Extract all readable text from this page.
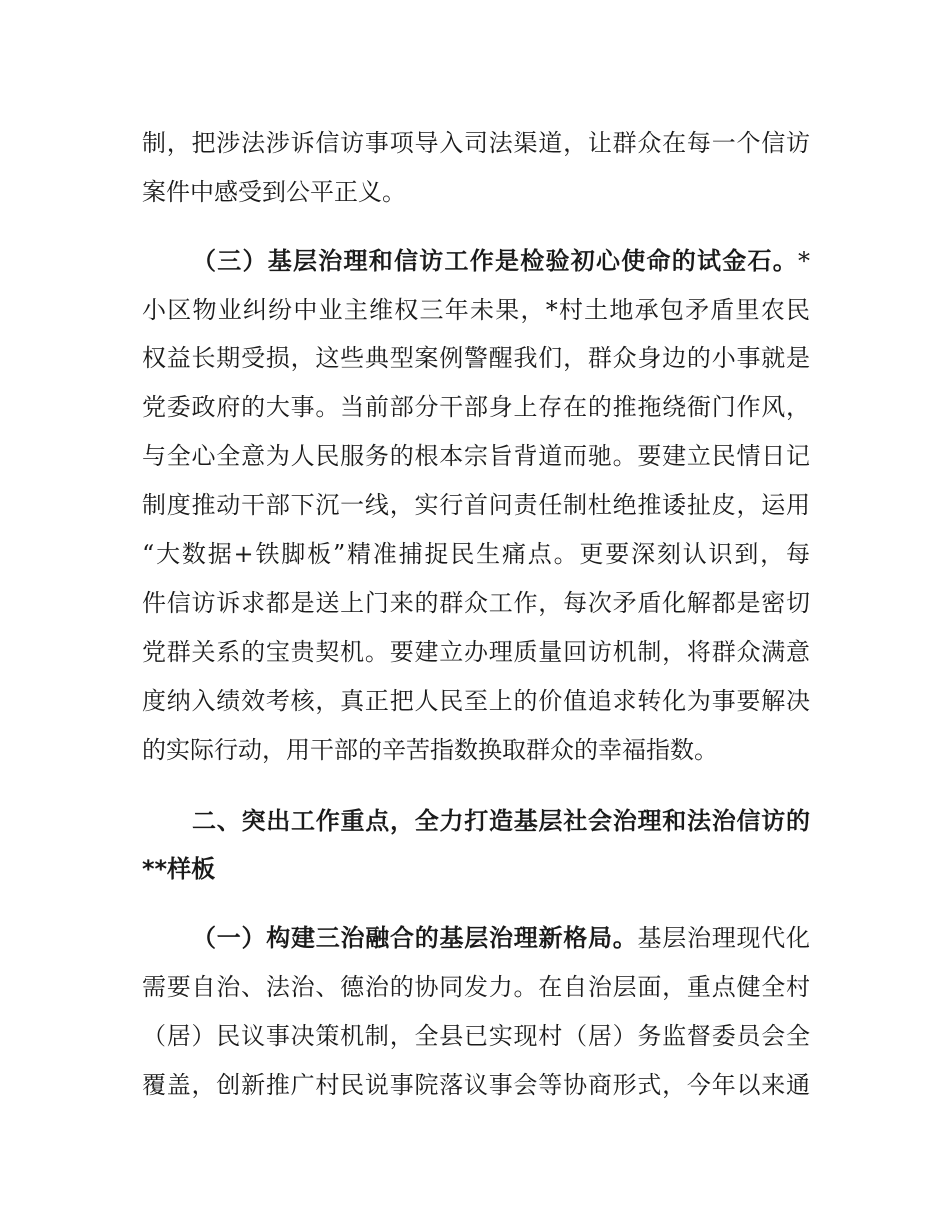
制，把涉法涉诉信访事项导入司法渠道，让群众在每一个信访
案件中感受到公平正义。
（三）基层治理和信访工作是检验初心使命的试金石。*
小区物业纠纷中业主维权三年未果，*村土地承包矛盾里农民
权益长期受损，这些典型案例警醒我们，群众身边的小事就是
党委政府的大事。当前部分干部身上存在的推拖绕衙门作风，
与全心全意为人民服务的根本宗旨背道而驰。要建立民情日记
制度推动干部下沉一线，实行首问责任制杜绝推诿扯皮，运用
“大数据+铁脚板”精准捕捉民生痛点。更要深刻认识到，每
件信访诉求都是送上门来的群众工作，每次矛盾化解都是密切
党群关系的宝贵契机。要建立办理质量回访机制，将群众满意
度纳入绩效考核，真正把人民至上的价值追求转化为事要解决
的实际行动，用干部的辛苦指数换取群众的幸福指数。
二、突出工作重点，全力打造基层社会治理和法治信访的
**样板
（一）构建三治融合的基层治理新格局。基层治理现代化
需要自治、法治、德治的协同发力。在自治层面，重点健全村
（居）民议事决策机制，全县已实现村（居）务监督委员会全
覆盖，创新推广村民说事院落议事会等协商形式，今年以来通
